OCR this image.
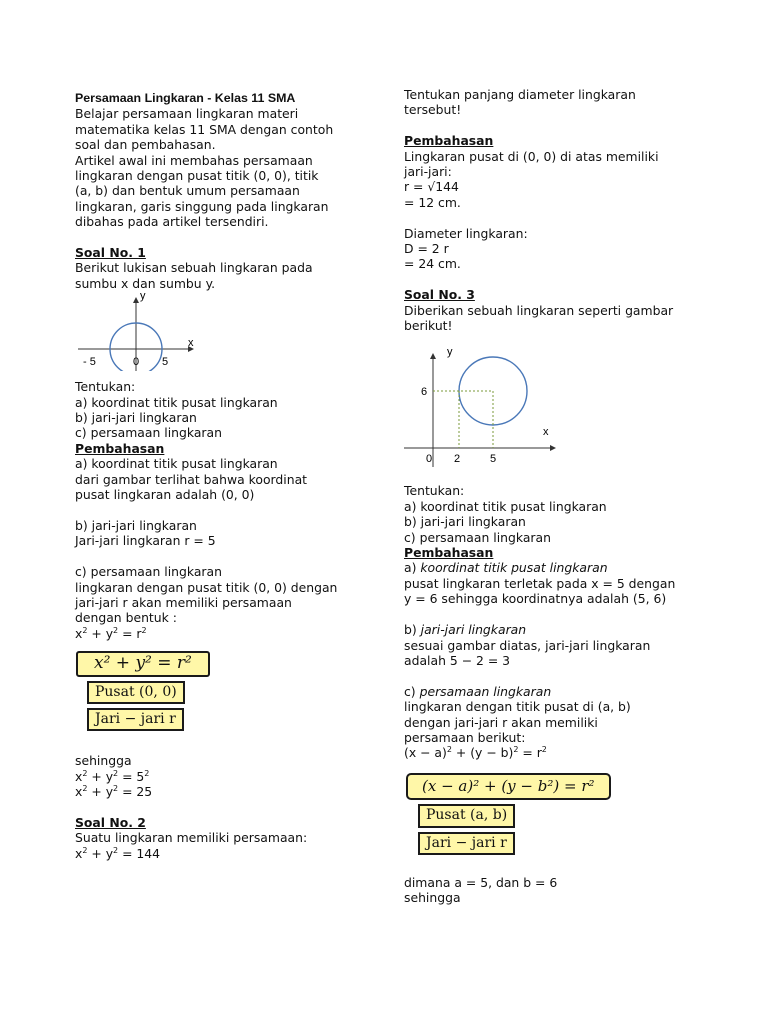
Persamaan Lingkaran - Kelas 11 SMA
Belajar persamaan lingkaran materi
matematika kelas 11 SMA dengan contoh
soal dan pembahasan.
Artikel awal ini membahas persamaan
lingkaran dengan pusat titik (0, 0), titik
(a, b) dan bentuk umum persamaan
lingkaran, garis singgung pada lingkaran
dibahas pada artikel tersendiri.
Soal No. 1
Berikut lukisan sebuah lingkaran pada
sumbu x dan sumbu y.
y
x
- 5	0 5
Tentukan:
a) koordinat titik pusat lingkaran
b) jari-jari lingkaran
c) persamaan lingkaran
Pembahasan
a) koordinat titik pusat lingkaran
dari gambar terlihat bahwa koordinat
pusat lingkaran adalah (0, 0)
b) jari-jari lingkaran
Jari-jari lingkaran r = 5
c) persamaan lingkaran
lingkaran dengan pusat titik (0, 0) dengan
jari-jari r akan memiliki persamaan
dengan bentuk :
$x^2 + y^2 = r^2$
x² + y² = r²
Pusat (0, 0)
Jari − jari r
sehingga
$x^2 + y^2 = 5^2$
$x^2 + y^2 = 25$
Soal No. 2
Suatu lingkaran memiliki persamaan:
$x^2 + y^2 = 144$
Tentukan panjang diameter lingkaran
tersebut!
Pembahasan
Lingkaran pusat di (0, 0) di atas memiliki
jari-jari:
r = √144
= 12 cm.
Diameter lingkaran:
D = 2 r
= 24 cm.
Soal No. 3
Diberikan sebuah lingkaran seperti gambar
berikut!
y
x
6
0 2	5
Tentukan:
a) koordinat titik pusat lingkaran
b) jari-jari lingkaran
c) persamaan lingkaran
Pembahasan
a) koordinat titik pusat lingkaran
pusat lingkaran terletak pada x = 5 dengan
y = 6 sehingga koordinatnya adalah (5, 6)
b) jari-jari lingkaran
sesuai gambar diatas, jari-jari lingkaran
adalah 5 − 2 = 3
c) persamaan lingkaran
lingkaran dengan titik pusat di (a, b)
dengan jari-jari r akan memiliki
persamaan berikut:
$(x - a)^2 + (y - b)^2 = r^2$
(x − a)² + (y − b²) = r²
Pusat (a, b)
Jari − jari r
dimana a = 5, dan b = 6
sehingga
